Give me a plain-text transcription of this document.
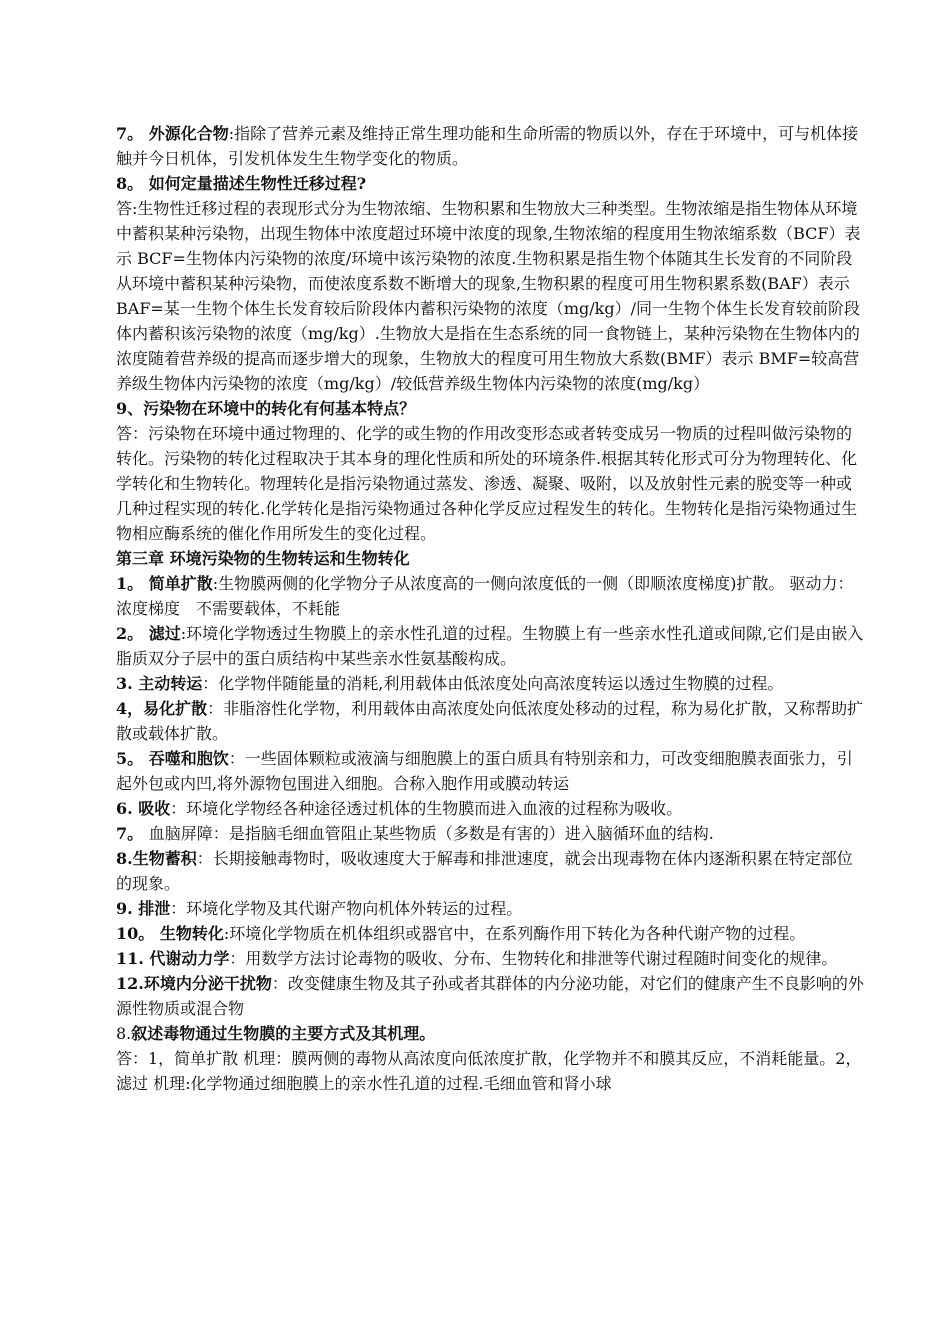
7。 外源化合物:指除了营养元素及维持正常生理功能和生命所需的物质以外，存在于环境中，可与机体接触并今日机体，引发机体发生生物学变化的物质。

8。 如何定量描述生物性迁移过程?

答:生物性迁移过程的表现形式分为生物浓缩、生物积累和生物放大三种类型。生物浓缩是指生物体从环境中蓄积某种污染物，出现生物体中浓度超过环境中浓度的现象,生物浓缩的程度用生物浓缩系数（BCF）表示 BCF=生物体内污染物的浓度/环境中该污染物的浓度.生物积累是指生物个体随其生长发育的不同阶段从环境中蓄积某种污染物，而使浓度系数不断增大的现象,生物积累的程度可用生物积累系数(BAF）表示 BAF=某一生物个体生长发育较后阶段体内蓄积污染物的浓度（mg/kg）/同一生物个体生长发育较前阶段体内蓄积该污染物的浓度（mg/kg）.生物放大是指在生态系统的同一食物链上，某种污染物在生物体内的浓度随着营养级的提高而逐步增大的现象，生物放大的程度可用生物放大系数(BMF）表示 BMF=较高营养级生物体内污染物的浓度（mg/kg）/较低营养级生物体内污染物的浓度(mg/kg）

9、污染物在环境中的转化有何基本特点？

答：污染物在环境中通过物理的、化学的或生物的作用改变形态或者转变成另一物质的过程叫做污染物的转化。污染物的转化过程取决于其本身的理化性质和所处的环境条件.根据其转化形式可分为物理转化、化学转化和生物转化。物理转化是指污染物通过蒸发、渗透、凝聚、吸附，以及放射性元素的脱变等一种或几种过程实现的转化.化学转化是指污染物通过各种化学反应过程发生的转化。生物转化是指污染物通过生物相应酶系统的催化作用所发生的变化过程。

第三章 环境污染物的生物转运和生物转化

1。 简单扩散:生物膜两侧的化学物分子从浓度高的一侧向浓度低的一侧（即顺浓度梯度)扩散。 驱动力：浓度梯度　不需要载体，不耗能

2。 滤过:环境化学物透过生物膜上的亲水性孔道的过程。生物膜上有一些亲水性孔道或间隙,它们是由嵌入脂质双分子层中的蛋白质结构中某些亲水性氨基酸构成。

3. 主动转运：化学物伴随能量的消耗,利用载体由低浓度处向高浓度转运以透过生物膜的过程。

4，易化扩散：非脂溶性化学物，利用载体由高浓度处向低浓度处移动的过程，称为易化扩散，又称帮助扩散或载体扩散。

5。 吞噬和胞饮：一些固体颗粒或液滴与细胞膜上的蛋白质具有特别亲和力，可改变细胞膜表面张力，引起外包或内凹,将外源物包围进入细胞。合称入胞作用或膜动转运

6. 吸收：环境化学物经各种途径透过机体的生物膜而进入血液的过程称为吸收。

7。 血脑屏障：是指脑毛细血管阻止某些物质（多数是有害的）进入脑循环血的结构.

8.生物蓄积：长期接触毒物时，吸收速度大于解毒和排泄速度，就会出现毒物在体内逐渐积累在特定部位的现象。

9. 排泄：环境化学物及其代谢产物向机体外转运的过程。

10。 生物转化:环境化学物质在机体组织或器官中，在系列酶作用下转化为各种代谢产物的过程。

11. 代谢动力学：用数学方法讨论毒物的吸收、分布、生物转化和排泄等代谢过程随时间变化的规律。

12.环境内分泌干扰物：改变健康生物及其子孙或者其群体的内分泌功能，对它们的健康产生不良影响的外源性物质或混合物

8.叙述毒物通过生物膜的主要方式及其机理。

答：1，简单扩散 机理：膜两侧的毒物从高浓度向低浓度扩散，化学物并不和膜其反应，不消耗能量。2，滤过 机理:化学物通过细胞膜上的亲水性孔道的过程.毛细血管和肾小球
